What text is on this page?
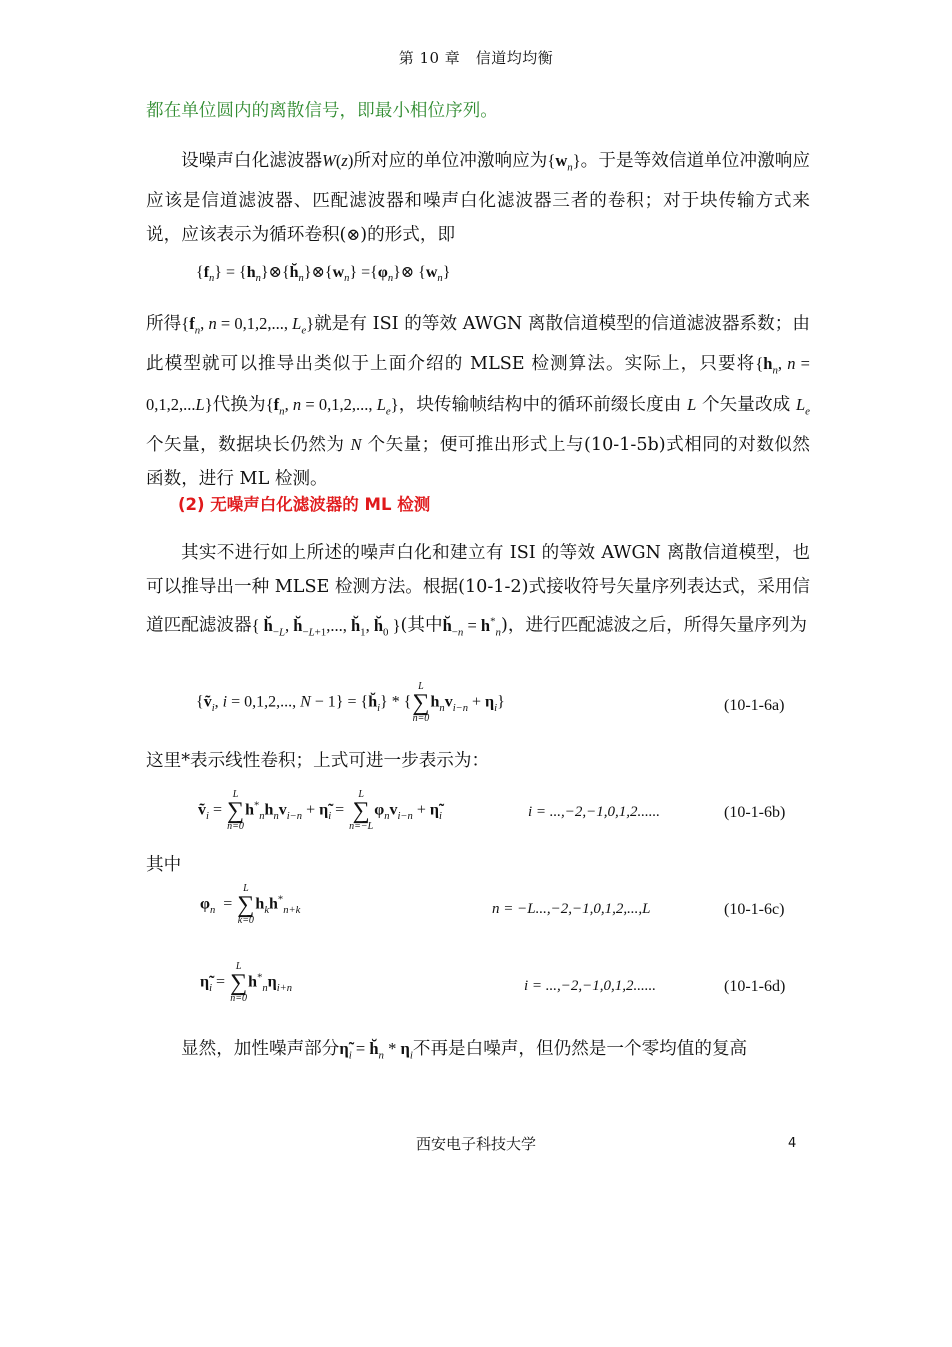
第 10 章　信道均均衡

都在单位圆内的离散信号，即最小相位序列。

设噪声白化滤波器W(z)所对应的单位冲激响应为$\{w_n\}$。于是等效信道单位冲激响应应该是信道滤波器、匹配滤波器和噪声白化滤波器三者的卷积；对于块传输方式来说，应该表示为循环卷积(⊗)的形式，即

$\{f_n\}$ = $\{h_n\}\otimes\{h̆_n\}\otimes\{w_n\}$ $=\{\varphi_n\}\otimes$ $\{w_n\}$

所得{$f_n$, n = 0,1,2,..., $L_e$}就是有 ISI 的等效 AWGN 离散信道模型的信道滤波器系数；由此模型就可以推导出类似于上面介绍的 MLSE 检测算法。实际上，只要将{$h_n$, n = 0,1,2,...L}代换为{$f_n$, n = 0,1,2,..., $L_e$}，块传输帧结构中的循环前缀长度由 L 个矢量改成 $L_e$ 个矢量，数据块长仍然为 N 个矢量；便可推出形式上与(10-1-5b)式相同的对数似然函数，进行 ML 检测。

(2) 无噪声白化滤波器的 ML 检测

其实不进行如上所述的噪声白化和建立有 ISI 的等效 AWGN 离散信道模型，也可以推导出一种 MLSE 检测方法。根据(10-1-2)式接收符号矢量序列表达式，采用信道匹配滤波器{ $h̆_{-L}$, $h̆_{-L+1}$,..., $h̆_1$, $h̆_0$ }(其中$h̆_{-n} = h^*_n$)，进行匹配滤波之后，所得矢量序列为

{ṽ$_i$, i = 0,1,2,..., $N - 1\} = \{h̆_i\}$ * {
L
∑
n=0
$h_nv_{i-n} + \eta_i$}	(10-1-6a)

这里*表示线性卷积；上式可进一步表示为：

ṽ$_i$ =
L
∑
n=0
$h^*_nh_nv_{i-n}$ + $\etã_i$ =
L
∑
n=−L
$\varphi_nv_{i-n}$ + $\etã_i$	i = ...,−2,−1,0,1,2......	(10-1-6b)

其中

$\varphi_n$  =
L
∑
k=0
$h_kh^*_{n+k}$	n = −L...,−2,−1,0,1,2,...,L	(10-1-6c)
$\etã_i$ =
L
∑
n=0
$h^*_n\eta_{i+n}$	i = ...,−2,−1,0,1,2......	(10-1-6d)

显然，加性噪声部分$\etã_i$ = $h̆_n * \eta_i$不再是白噪声，但仍然是一个零均值的复高

西安电子科技大学	4
